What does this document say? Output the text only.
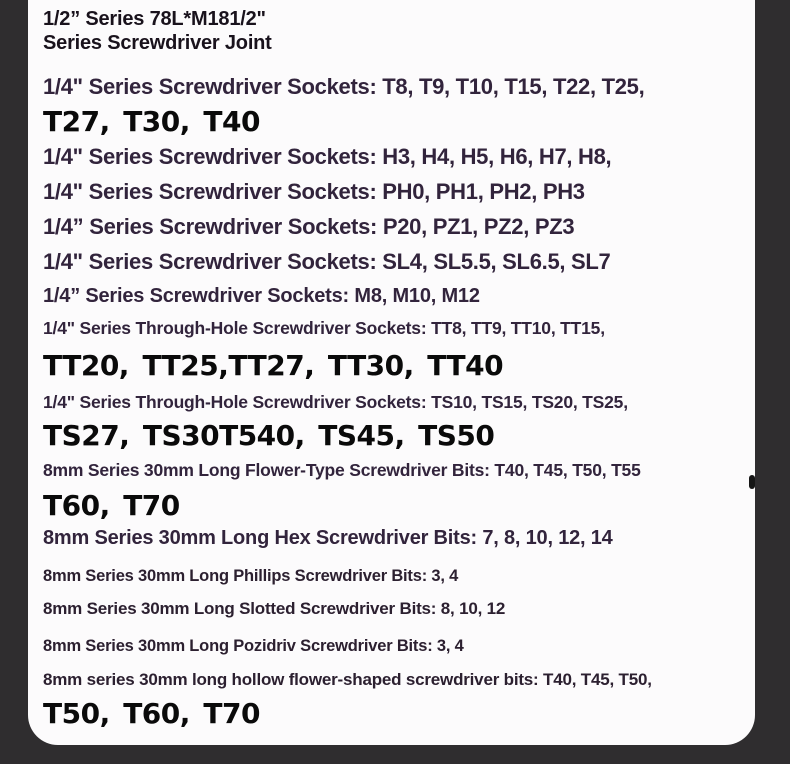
1/2” Series 78L*M181/2"
Series Screwdriver Joint
1/4" Series Screwdriver Sockets: T8, T9, T10, T15, T22, T25,
T27, T30, T40
1/4" Series Screwdriver Sockets: H3, H4, H5, H6, H7, H8,
1/4" Series Screwdriver Sockets: PH0, PH1, PH2, PH3
1/4” Series Screwdriver Sockets: P20, PZ1, PZ2, PZ3
1/4" Series Screwdriver Sockets: SL4, SL5.5, SL6.5, SL7
1/4” Series Screwdriver Sockets: M8, M10, M12
1/4" Series Through-Hole Screwdriver Sockets: TT8, TT9, TT10, TT15,
TT20, TT25,TT27, TT30, TT40
1/4" Series Through-Hole Screwdriver Sockets: TS10, TS15, TS20, TS25,
TS27, TS30T540, TS45, TS50
8mm Series 30mm Long Flower-Type Screwdriver Bits: T40, T45, T50, T55
T60, T70
8mm Series 30mm Long Hex Screwdriver Bits: 7, 8, 10, 12, 14
8mm Series 30mm Long Phillips Screwdriver Bits: 3, 4
8mm Series 30mm Long Slotted Screwdriver Bits: 8, 10, 12
8mm Series 30mm Long Pozidriv Screwdriver Bits: 3, 4
8mm series 30mm long hollow flower-shaped screwdriver bits: T40, T45, T50,
T50, T60, T70
